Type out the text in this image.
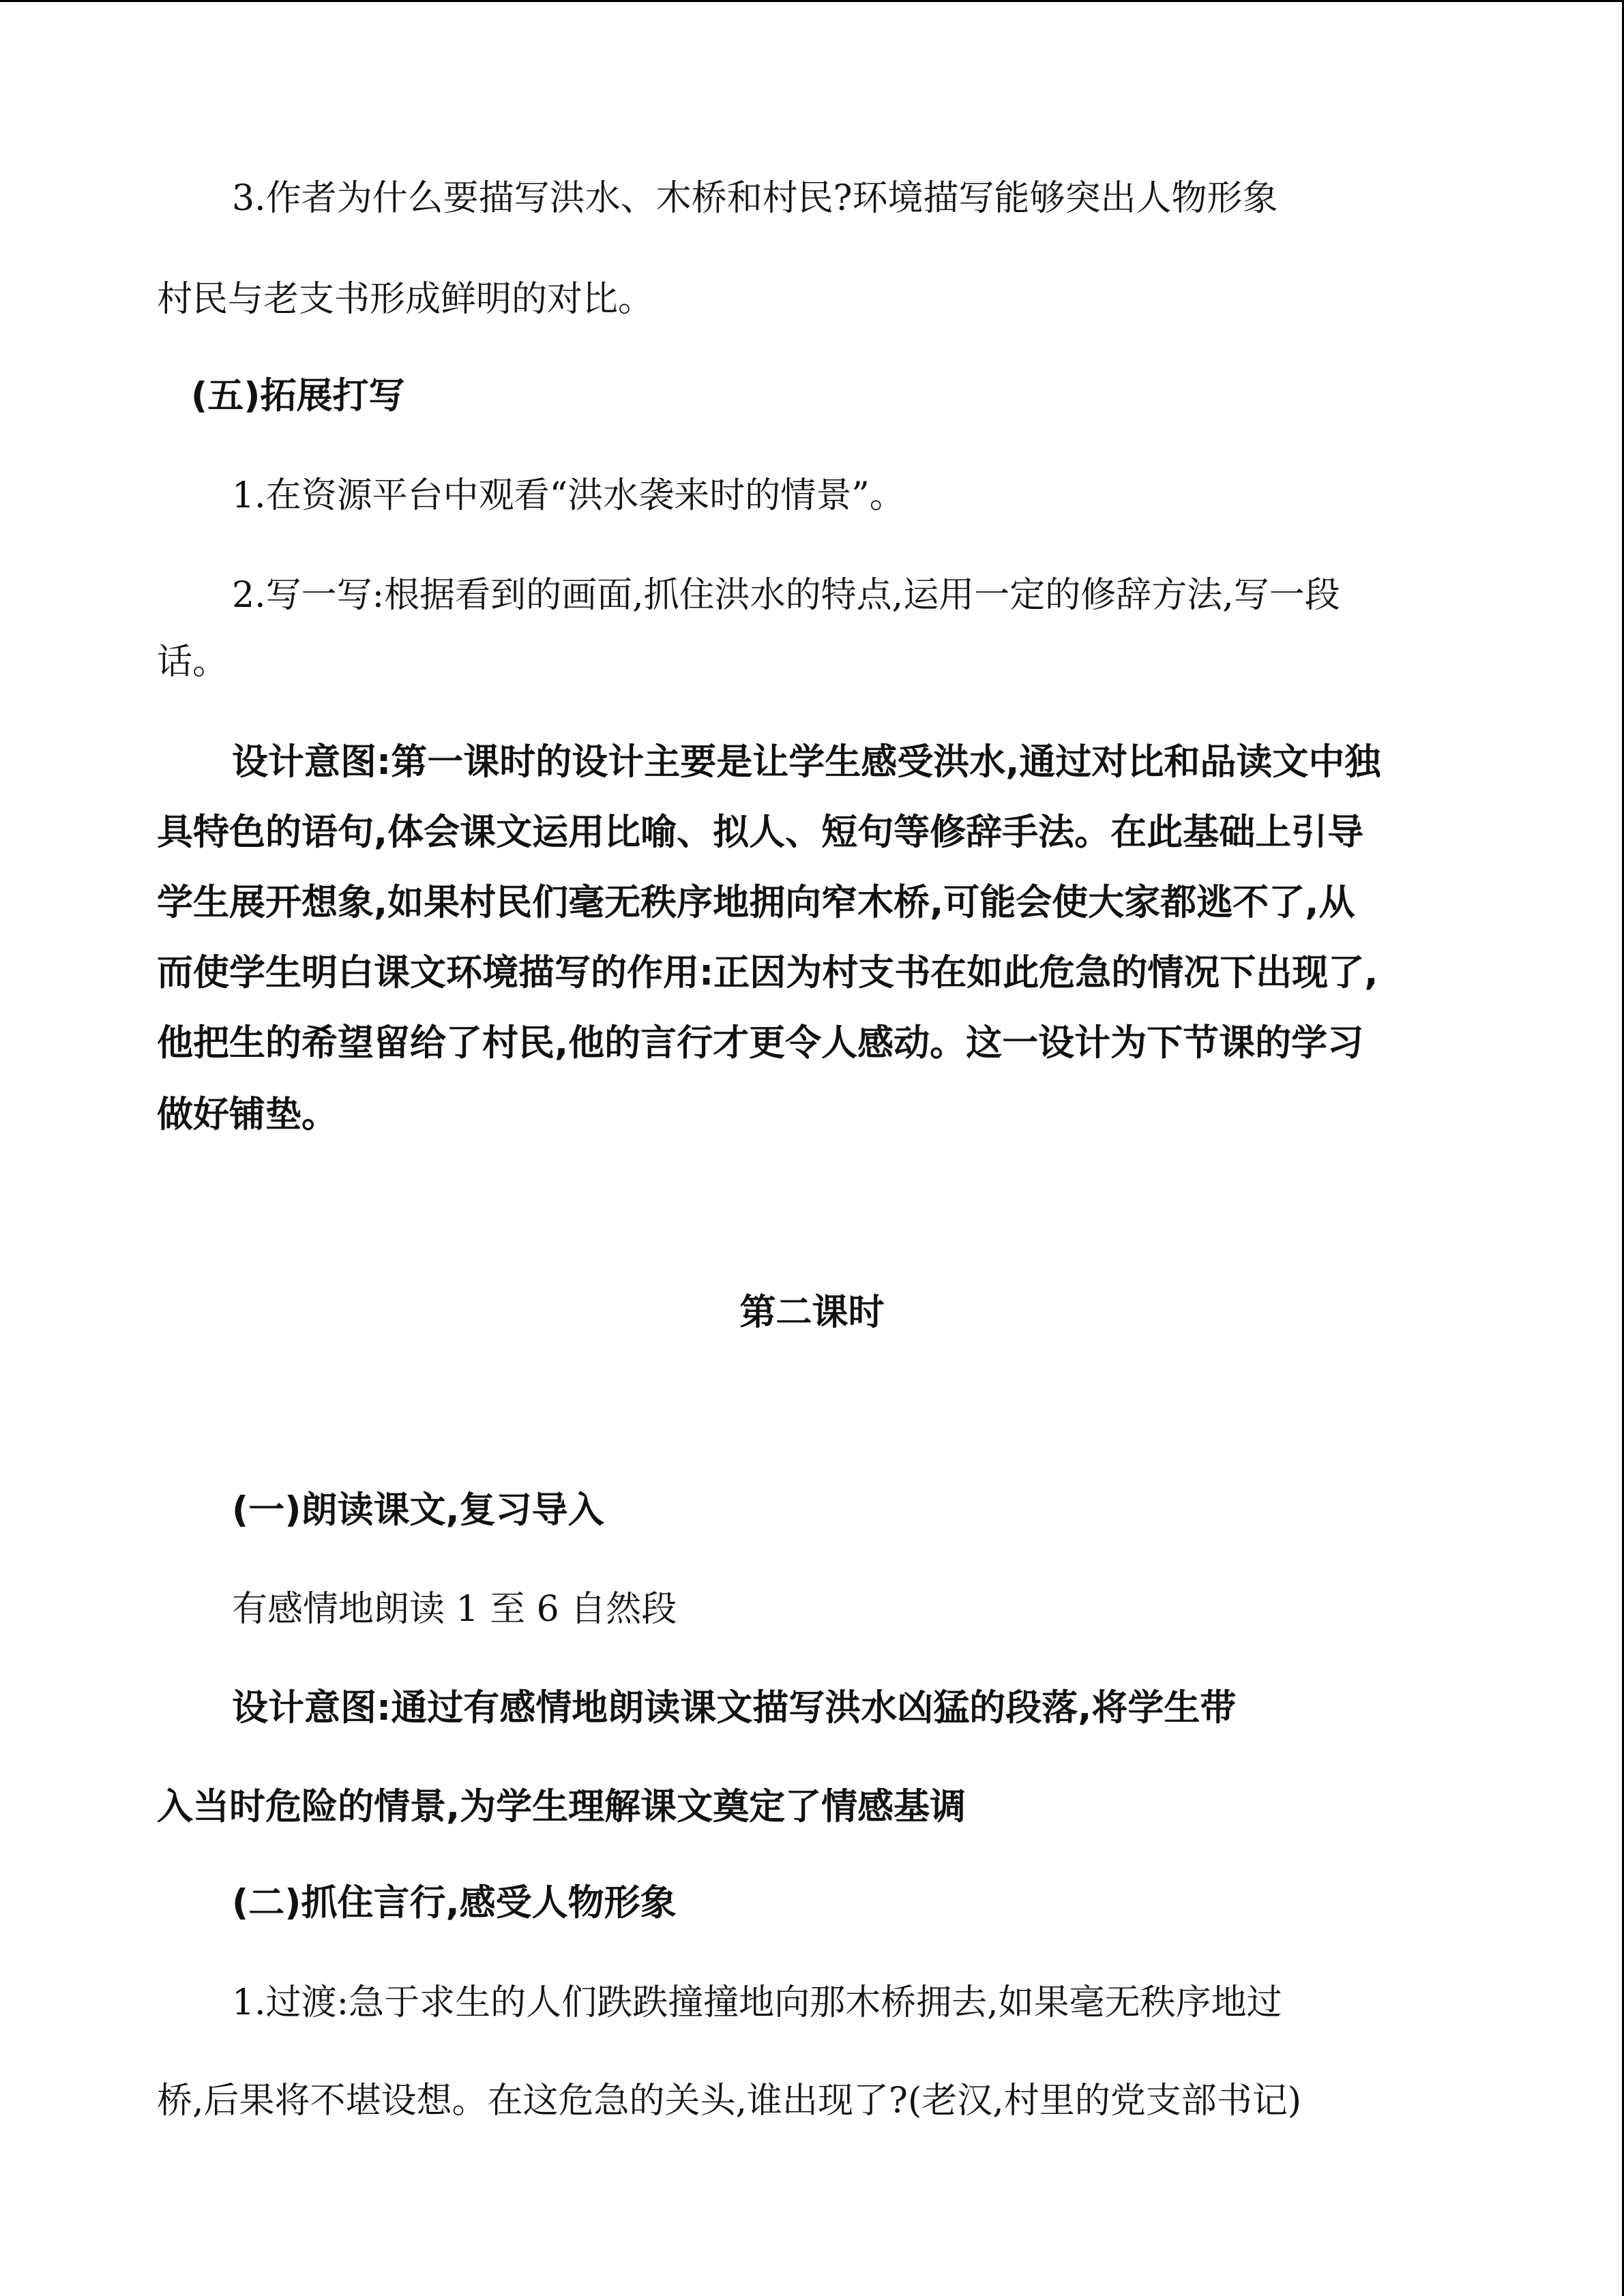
3.作者为什么要描写洪水、木桥和村民?环境描写能够突出人物形象

村民与老支书形成鲜明的对比。

(五)拓展打写

1.在资源平台中观看“洪水袭来时的情景”。

2.写一写:根据看到的画面,抓住洪水的特点,运用一定的修辞方法,写一段

话。

设计意图:第一课时的设计主要是让学生感受洪水,通过对比和品读文中独

具特色的语句,体会课文运用比喻、拟人、短句等修辞手法。在此基础上引导

学生展开想象,如果村民们毫无秩序地拥向窄木桥,可能会使大家都逃不了,从

而使学生明白课文环境描写的作用:正因为村支书在如此危急的情况下出现了,

他把生的希望留给了村民,他的言行才更令人感动。这一设计为下节课的学习

做好铺垫。

第二课时

(一)朗读课文,复习导入

有感情地朗读 1 至 6 自然段

设计意图:通过有感情地朗读课文描写洪水凶猛的段落,将学生带

入当时危险的情景,为学生理解课文奠定了情感基调

(二)抓住言行,感受人物形象

1.过渡:急于求生的人们跌跌撞撞地向那木桥拥去,如果毫无秩序地过

桥,后果将不堪设想。在这危急的关头,谁出现了?(老汉,村里的党支部书记)
